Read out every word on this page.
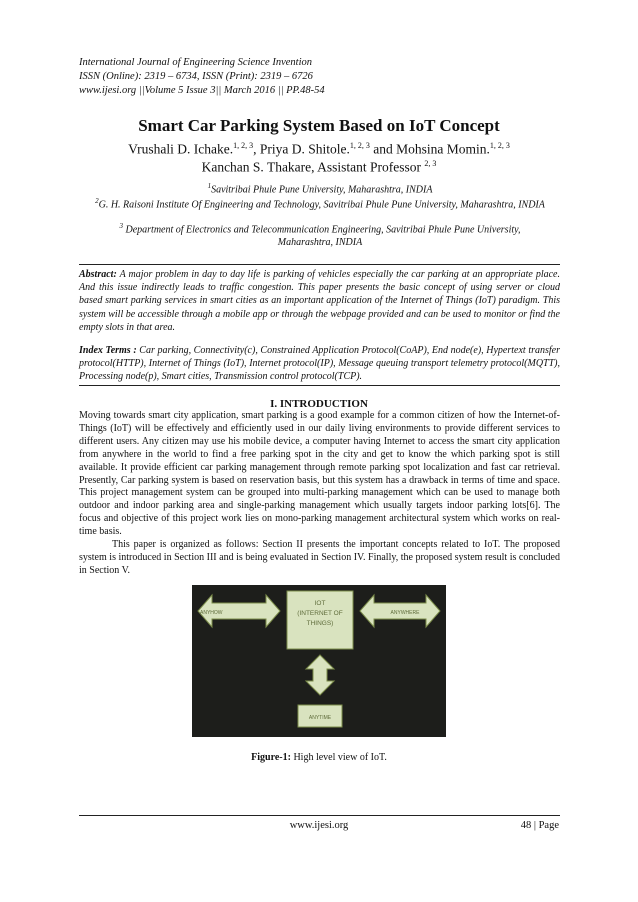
International Journal of Engineering Science Invention
ISSN (Online): 2319 – 6734, ISSN (Print): 2319 – 6726
www.ijesi.org ||Volume 5 Issue 3|| March 2016 || PP.48-54
Smart Car Parking System Based on IoT Concept
Vrushali D. Ichake.$^{1, 2, 3}$, Priya D. Shitole.$^{1, 2, 3}$ and Mohsina Momin.$^{1, 2, 3}$
Kanchan S. Thakare, Assistant Professor $^{2, 3}$
$^1$Savitribai Phule Pune University, Maharashtra, INDIA
$^2$G. H. Raisoni Institute Of Engineering and Technology, Savitribai Phule Pune University, Maharashtra, INDIA
$^3$ Department of Electronics and Telecommunication Engineering, Savitribai Phule Pune University, Maharashtra, INDIA
Abstract: A major problem in day to day life is parking of vehicles especially the car parking at an appropriate place. And this issue indirectly leads to traffic congestion. This paper presents the basic concept of using server or cloud based smart parking services in smart cities as an important application of the Internet of Things (IoT) paradigm. This system will be accessible through a mobile app or through the webpage provided and can be used to monitor or find the empty slots in that area.
Index Terms : Car parking, Connectivity(c), Constrained Application Protocol(CoAP), End node(e), Hypertext transfer protocol(HTTP), Internet of Things (IoT), Internet protocol(IP), Message queuing transport telemetry protocol(MQTT), Processing node(p), Smart cities, Transmission control protocol(TCP).
I. INTRODUCTION

Moving towards smart city application, smart parking is a good example for a common citizen of how the Internet-of-Things (IoT) will be effectively and efficiently used in our daily living environments to provide different services to different users. Any citizen may use his mobile device, a computer having Internet to access the smart city application from anywhere in the world to find a free parking spot in the city and get to know the which parking spot is still available. It provide efficient car parking management through remote parking spot localization and fast car retrieval. Presently, Car parking system is based on reservation basis, but this system has a drawback in terms of time and space. This project management system can be grouped into multi-parking management which can be used to manage both outdoor and indoor parking area and single-parking management which usually targets indoor parking lots[6]. The focus and objective of this project work lies on mono-parking management architectural system which works on real-time basis.

This paper is organized as follows: Section II presents the important concepts related to IoT. The proposed system is introduced in Section III and is being evaluated in Section IV. Finally, the proposed system result is concluded in Section V.

IOT
(INTERNET OF
THINGS)
ANYHOW	ANYWHERE
ANYTIME
Figure-1: High level view of IoT.
www.ijesi.org	48 | Page
